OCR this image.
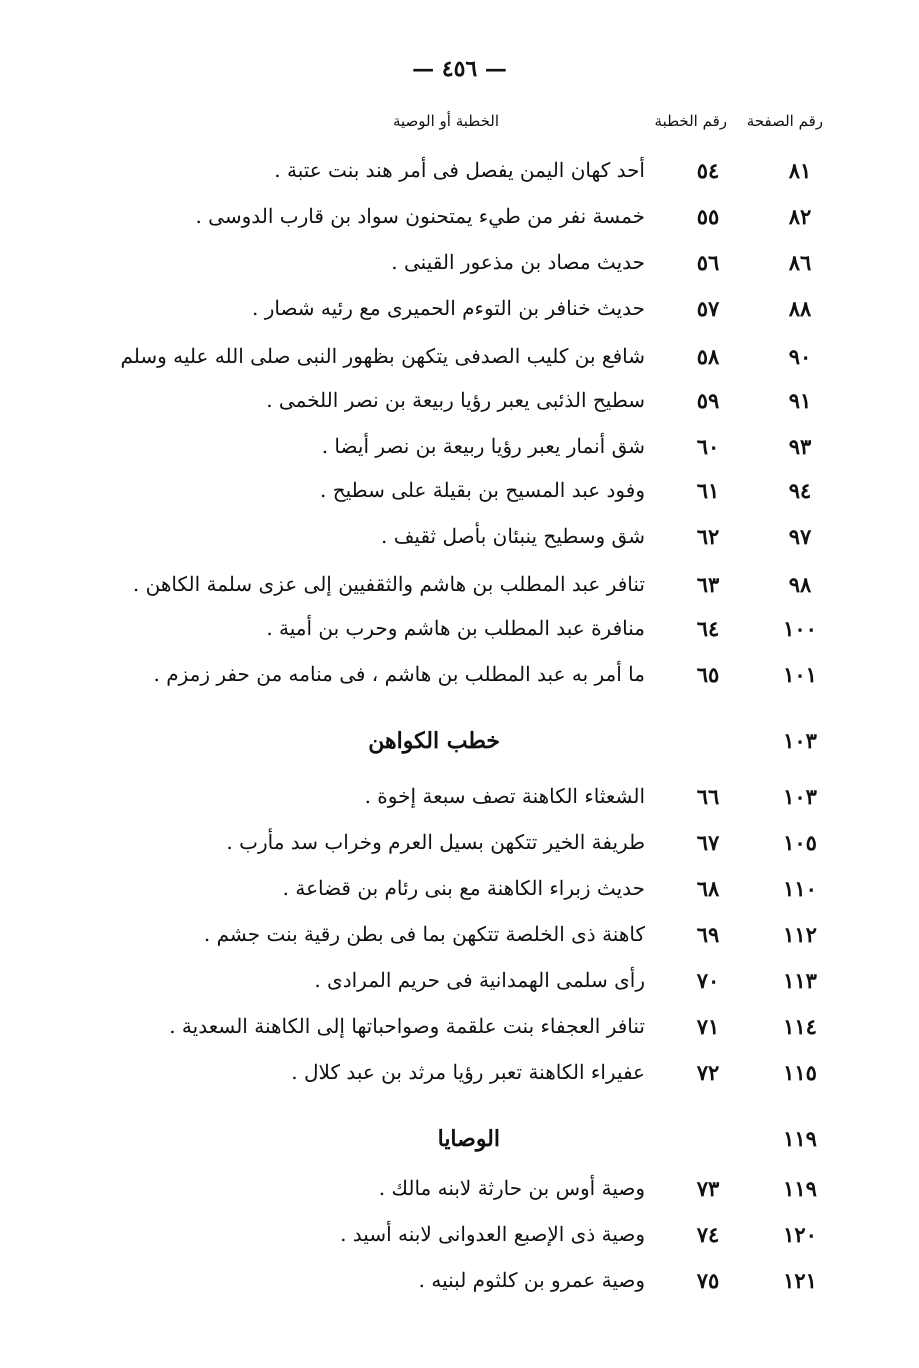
— ٤٥٦ —
رقم الصفحة
رقم الخطبة
الخطبة أو الوصية
٨١
٥٤
أحد كهان اليمن يفصل فى أمر هند بنت عتبة .
٨٢
٥٥
خمسة نفر من طيء يمتحنون سواد بن قارب الدوسى .
٨٦
٥٦
حديث مصاد بن مذعور القينى .
٨٨
٥٧
حديث خنافر بن التوءم الحميرى مع رئيه شصار .
٩٠
٥٨
شافع بن كليب الصدفى يتكهن بظهور النبى صلى الله عليه وسلم
٩١
٥٩
سطيح الذئبى يعبر رؤيا ربيعة بن نصر اللخمى .
٩٣
٦٠
شق أنمار يعبر رؤيا ربيعة بن نصر أيضا .
٩٤
٦١
وفود عبد المسيح بن بقيلة على سطيح .
٩٧
٦٢
شق وسطيح ينبئان بأصل ثقيف .
٩٨
٦٣
تنافر عبد المطلب بن هاشم والثقفيين إلى عزى سلمة الكاهن .
١٠٠
٦٤
منافرة عبد المطلب بن هاشم وحرب بن أمية .
١٠١
٦٥
ما أمر به عبد المطلب بن هاشم ، فى منامه من حفر زمزم .
١٠٣
خطب الكواهن
١٠٣
٦٦
الشعثاء الكاهنة تصف سبعة إخوة .
١٠٥
٦٧
طريفة الخير تتكهن بسيل العرم وخراب سد مأرب .
١١٠
٦٨
حديث زبراء الكاهنة مع بنى رئام بن قضاعة .
١١٢
٦٩
كاهنة ذى الخلصة تتكهن بما فى بطن رقية بنت جشم .
١١٣
٧٠
رأى سلمى الهمدانية فى حريم المرادى .
١١٤
٧١
تنافر العجفاء بنت علقمة وصواحباتها إلى الكاهنة السعدية .
١١٥
٧٢
عفيراء الكاهنة تعبر رؤيا مرثد بن عبد كلال .
١١٩
الوصايا
١١٩
٧٣
وصية أوس بن حارثة لابنه مالك .
١٢٠
٧٤
وصية ذى الإصبع العدوانى لابنه أسيد .
١٢١
٧٥
وصية عمرو بن كلثوم لبنيه .
